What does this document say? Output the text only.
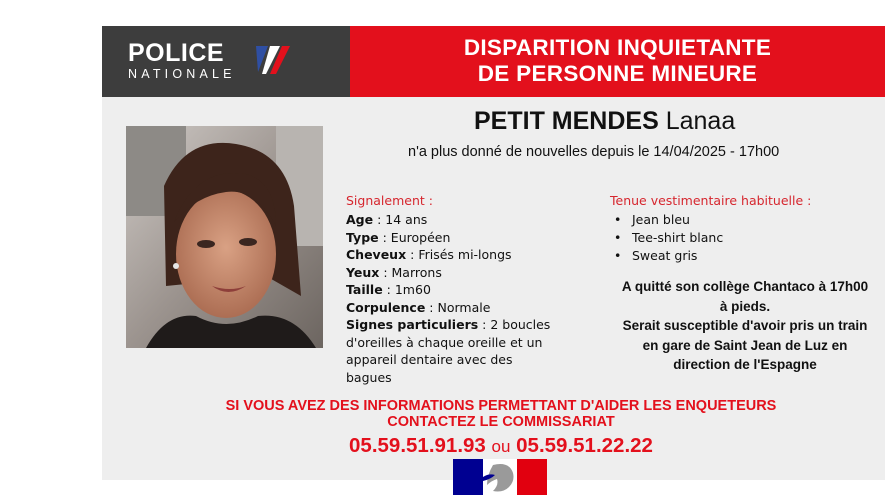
POLICE
NATIONALE
DISPARITION INQUIETANTE
DE PERSONNE MINEURE
PETIT MENDES Lanaa
n'a plus donné de nouvelles depuis le 14/04/2025 - 17h00
Signalement :
Age : 14 ans
Type : Européen
Cheveux : Frisés mi-longs
Yeux : Marrons
Taille : 1m60
Corpulence : Normale
Signes particuliers : 2 boucles d'oreilles à chaque oreille et un appareil dentaire avec des bagues
Tenue vestimentaire habituelle :
• Jean bleu
• Tee-shirt blanc
• Sweat gris
A quitté son collège Chantaco à 17h00
à pieds.
Serait susceptible d'avoir pris un train
en gare de Saint Jean de Luz en
direction de l'Espagne
SI VOUS AVEZ DES INFORMATIONS PERMETTANT D'AIDER LES ENQUETEURS
CONTACTEZ LE COMMISSARIAT
05.59.51.91.93 ou 05.59.51.22.22
